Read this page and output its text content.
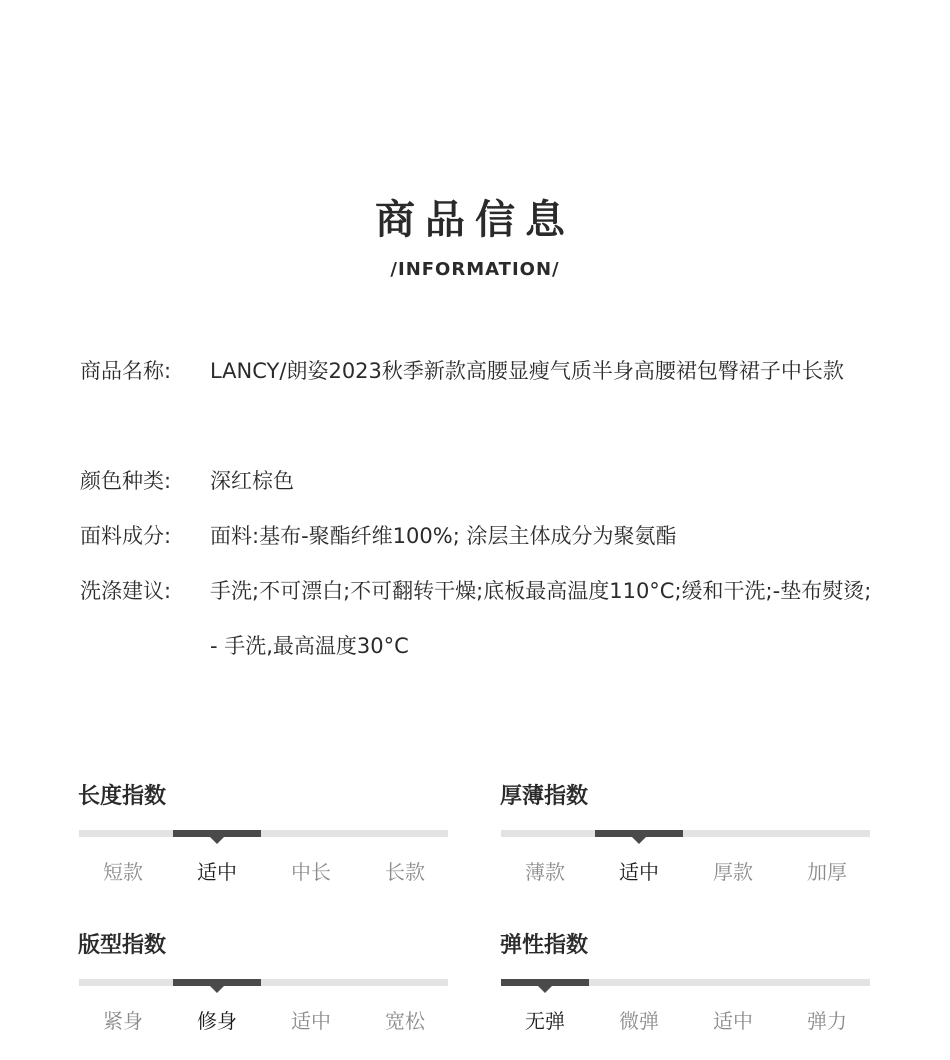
商品信息
/INFORMATION/
商品名称:	LANCY/朗姿2023秋季新款高腰显瘦气质半身高腰裙包臀裙子中长款
颜色种类:	深红棕色
面料成分:	面料:基布-聚酯纤维100%; 涂层主体成分为聚氨酯
洗涤建议:	手洗;不可漂白;不可翻转干燥;底板最高温度110°C;缓和干洗;-垫布熨烫;- 手洗,最高温度30°C
长度指数
短款	适中	中长	长款
厚薄指数
薄款	适中	厚款	加厚
版型指数
紧身	修身	适中	宽松
弹性指数
无弹	微弹	适中	弹力
